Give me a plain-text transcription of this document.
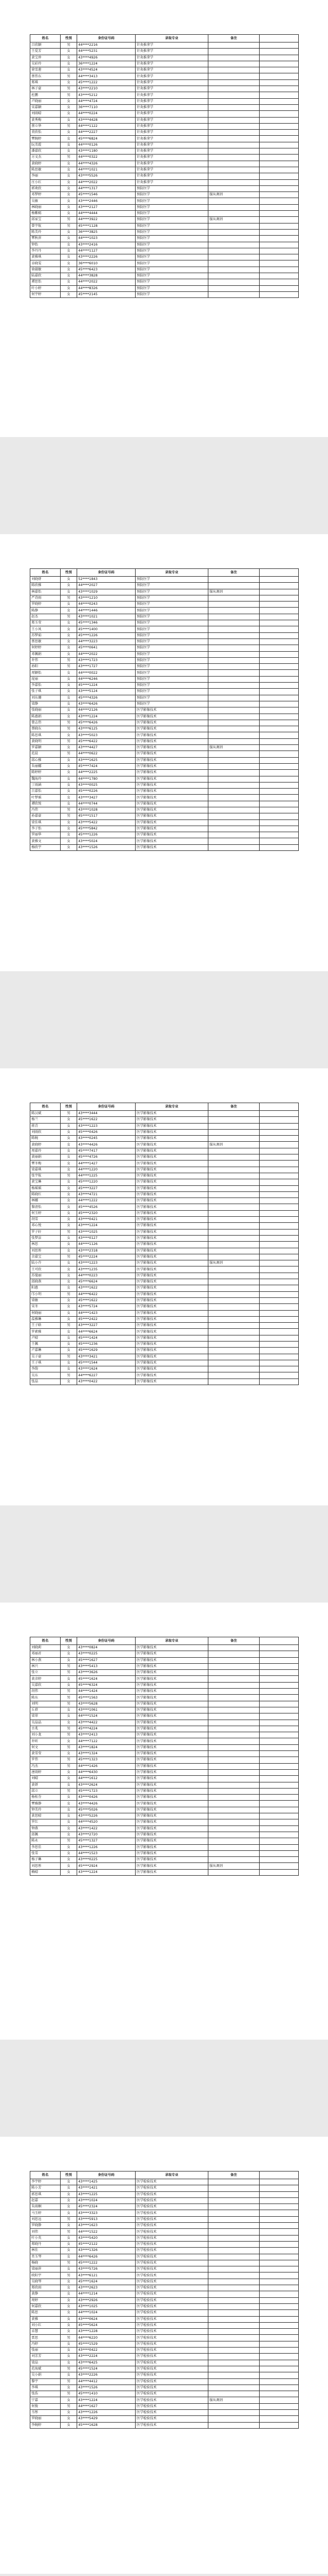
姓名	性别	身份证号码	录取专业	备注	
吕欣颖	男	44****2216	针灸推拿学		
王爱芳	女	44****5231	针灸推拿学		
黄宝珍	女	43****4926	针灸推拿学		
吴彩玲	女	36****1224	针灸推拿学		
徐雪莲	女	43****4524	针灸推拿学		
蔡伟东	男	44****3413	针灸推拿学		
郑琪	女	45****1222	针灸推拿学		
林子豪	男	43****2210	针灸推拿学		
杜鹏	男	43****5212	针灸推拿学		
卢晓丽	女	44****4724	针灸推拿学		
宋嘉颖	女	36****7110	针灸推拿学		
刘雨晴	女	44****0224	针灸推拿学		
黄秀梅	女	43****4428	针灸推拿学		
蔡立华	男	44****1122	针灸推拿学		
莫欣怡	女	44****2227	针灸推拿学		
覃婉婷	女	45****6824	针灸推拿学		
阮美霞	女	44****0126	针灸推拿学		
潘嘉欣	女	43****1180	针灸推拿学		
方文杰	男	44****0322	针灸推拿学		
黄晓婷	女	44****4326	针灸推拿学		
陈思敏	女	44****1021	针灸推拿学		
李丽	女	43****5526	针灸推拿学		
庄小红	女	44****2022	针灸推拿学		
郭欢欣	女	44****1317	预防医学		
邓梦婷	女	45****1546	预防医学	服从调剂	
吴敏	女	43****2446	预防医学		
林晓丽	女	43****2127	预防医学		
杨紫嫣	女	44****4444	预防医学		
邱家宝	男	44****3922	预防医学	服从调剂	
曾宇航	男	45****1128	预防医学		
陈美玲	女	36****3825	预防医学		
覃秋萍	女	44****1023	预防医学		
钟怡	女	43****2416	预防医学		
李丹丹	女	44****1127	预防医学		
黄雅琪	女	43****2226	预防医学		
卓晓雯	女	36****6010	预防医学		
徐淑敏	女	45****6423	预防医学		
陆嘉欣	女	44****3828	预防医学		
谭思怡	女	44****2022	预防医学		
叶小婷	女	44****8326	预防医学		
何宇婷	女	45****2145	预防医学		
姓名	性别	身份证号码	录取专业	备注	
刘晓妍	女	52****1843	预防医学		
陈欣雅	女	44****2027	预防医学		
林嘉怡	女	43****1029	预防医学	服从调剂	
严诗雨	男	43****1210	预防医学		
罗晓婷	女	44****0243	预防医学		
陈静	女	44****1446	预防医学		
赵杰	男	43****1021	预防医学		
郑玉莹	女	45****1346	预防医学		
王小凤	女	45****1400	预防医学		
苏梦茹	女	45****1226	预防医学		
蔡思敏	女	44****3223	预防医学		
何婷婷	女	45****0641	预防医学		
邓佩娟	女	44****2022	预防医学		
许伟	男	43****1723	预防医学		
孙阳	男	43****1727	预防医学		
周颖怡	女	44****0022	预防医学		
庞丽	女	44****6246	预防医学		
李嘉怡	女	45****1224	预防医学		
张子琪	女	43****5124	预防医学		
刘东珊	女	45****4326	预防医学		
梁静	女	43****6426	预防医学		
张晓丽	女	44****2126	医学影像技术		
陈惠娟	女	43****1224	医学影像技术		
曾志伟	男	45****6426	医学影像技术		
蔡晓东	男	43****6125	医学影像技术		
陈思琪	女	43****5023	医学影像技术		
黄晓明	男	45****6422	医学影像技术		
罗嘉颖	女	43****4427	医学影像技术	服从调剂	
范晨	男	44****0622	医学影像技术		
邱心雅	女	43****1625	医学影像技术		
朱丽娜	女	45****7424	医学影像技术		
陈婷婷	女	44****2225	医学影像技术		
魏海玲	女	44****1780	医学影像技术		
丁雨涵	女	43****0025	医学影像技术		
吕嘉怡	女	45****0226	医学影像技术		
叶梦瑶	女	43****3427	医学影像技术		
谭欣悦	女	44****0744	医学影像技术		
冯伟	男	43****1028	医学影像技术		
孙嘉豪	男	45****1517	医学影像技术		
梁佳琪	女	43****5422	医学影像技术		
李子怡	女	45****5842	医学影像技术		
罗丽华	女	45****1226	医学影像技术		
黄雅文	女	43****5024	医学影像技术		
杨欣宇	女	43****1526	医学影像技术		
姓名	性别	身份证号码	录取专业	备注	
陈汉斌	男	43****3444	医学影像技术		
杨兰	女	45****1622	医学影像技术		
蒋青	女	43****1223	医学影像技术		
刘雨欣	女	45****0426	医学影像技术		
陈婉	女	43****0245	医学影像技术		
黄晓婷	女	43****4426	医学影像技术	服从调剂	
周嘉玲	女	45****7417	医学影像技术		
黄丽娟	女	45****4726	医学影像技术		
覃冬梅	女	44****1427	医学影像技术		
梁嘉琪	女	44****1220	医学影像技术		
张宇航	男	44****1225	医学影像技术		
黄宝琳	女	45****1220	医学影像技术		
杨瑶瑶	女	45****3227	医学影像技术		
陈晓红	女	43****4721	医学影像技术		
林娜	女	44****1222	医学影像技术		
黎清怡	女	45****4526	医学影像技术		
何玉婷	女	45****2320	医学影像技术		
胡雪	女	43****0421	医学影像技术		
邓心悦	女	43****1224	医学影像技术		
罗子轩	男	43****1025	医学影像技术		
张梦洁	女	43****0127	医学影像技术		
林思	女	44****1126	医学影像技术		
刘思彤	女	43****2318	医学影像技术		
余嘉宝	男	45****2224	医学影像技术		
陆小卉	女	43****1223	医学影像技术	服从调剂	
王可欣	女	43****1235	医学影像技术		
苏曼丽	女	44****0223	医学影像技术		
邱晓燕	女	45****6624	医学影像技术		
阳惠	女	43****1622	医学影像技术		
邝小明	男	44****6422	医学影像技术		
梁敏	女	45****1622	医学影像技术		
宋冬	女	43****5724	医学影像技术		
何晓丽	女	44****1423	医学影像技术		
温雅琳	女	45****2422	医学影像技术		
王子晗	男	43****3227	医学影像技术		
罗素雅	女	44****6624	医学影像技术		
卢晴	女	45****1424	医学影像技术		
王佩	女	45****1236	医学影像技术		
卢嘉琳	女	45****1629	医学影像技术		
吴子豪	男	43****3421	医学影像技术		
王子琪	女	45****1544	医学影像技术		
李韵	女	43****1624	医学影像技术		
吴东	男	44****6227	医学影像技术		
张晶	女	43****0422	医学影像技术		
姓名	性别	身份证号码	录取专业	备注	
刘晓莉	女	43****0824	医学影像技术		
邓丽君	女	43****0225	医学影像技术		
林小燕	女	45****1627	医学影像技术		
林兴	男	43****5413	医学影像技术		
张立	男	43****3626	医学影像技术		
黄彦婷	女	45****1624	医学影像技术		
吴嘉欣	女	45****6324	医学影像技术		
胡伟	男	44****1424	医学影像技术		
陈东	男	45****1563	医学影像技术		
刘明	男	43****5628	医学影像技术		
丘蓓	女	43****1061	医学影像技术		
梁翠	女	44****1524	医学影像技术		
吴晶晶	女	43****4422	医学影像技术		
古兆	男	45****4224	医学影像技术		
刘小龙	男	43****2413	医学影像技术		
许昕	女	44****7122	医学影像技术		
何文	男	43****1824	医学影像技术		
黄雪莹	女	43****1324	医学影像技术		
罗伟	男	45****1323	医学影像技术		
冯杰	男	44****1426	医学影像技术		
唐雨婷	女	44****6430	医学影像技术		
刘晴	女	44****1612	医学影像技术		
黄妍	女	43****2624	医学影像技术		
邱立	男	45****1723	医学影像技术		
杨桂芬	女	43****0426	医学影像技术		
覃雅静	女	43****4426	医学影像技术		
钟美玲	女	45****5026	医学影像技术		
黄思晴	女	43****5226	医学影像技术		
罗红	女	44****4520	医学影像技术		
钟燕	女	43****1422	医学影像技术		
邱佩	女	43****2720	医学影像技术		
陈永	男	45****1327	医学影像技术		
李思佳	女	43****1226	医学影像技术		
张雪	女	44****1523	医学影像技术		
杨子琳	女	43****0225	医学影像技术		
刘思彤	女	45****2924	医学影像技术	服从调剂	
赖晴	女	43****1224	医学影像技术		
姓名	性别	身份证号码	录取专业	备注	
李宇婷	女	43****1425	医学检验技术		
陈小芳	女	43****1421	医学检验技术		
郭思琪	女	43****1225	医学检验技术		
赵嘉	女	43****1024	医学检验技术		
朱雨桐	女	45****2324	医学检验技术		
马玉婷	女	43****3323	医学检验技术		
刘思远	男	43****5913	医学检验技术		
罗晓静	女	43****1623	医学检验技术		
刘伟	男	44****1522	医学检验技术		
叶小英	女	43****5420	医学检验技术		
郑晓丹	女	45****2122	医学检验技术		
林佳	女	43****1326	医学检验技术		
肖玉琴	女	44****6426	医学检验技术		
杨晓	男	45****1222	医学检验技术		
梁丽萍	女	43****5726	医学检验技术		
欧阳宇	男	43****6121	医学检验技术		
吴晓琴	女	45****1624	医学检验技术		
郑欣雨	女	43****2623	医学检验技术		
黄静	女	44****1214	医学检验技术		
周婷	女	43****2926	医学检验技术		
何嘉欣	女	43****1025	医学检验技术		
陈思	女	44****1024	医学检验技术		
黄雅	女	43****0624	医学检验技术		
刘小红	女	45****5624	医学检验技术		
卓慧	女	43****1228	医学检验技术		
贾思	男	44****6220	医学检验技术		
冯婷	女	45****1529	医学检验技术		
张丽	女	43****0422	医学检验技术		
刘芳芳	女	43****2224	医学检验技术		
梁晶	女	43****6425	医学检验技术		
范海斌	男	45****1524	医学检验技术		
吴小娟	女	43****2226	医学检验技术		
黎宇	男	44****4412	医学检验技术		
李琪	女	43****1526	医学检验技术		
张浩	男	45****1410	医学检验技术		
宁嘉	女	43****1224	医学检验技术	服从调剂	
何俊	男	44****1627	医学检验技术		
韦彤	女	43****1226	医学检验技术		
罗晓丽	女	43****5429	医学检验技术		
李婉婷	女	45****1628	医学检验技术		
